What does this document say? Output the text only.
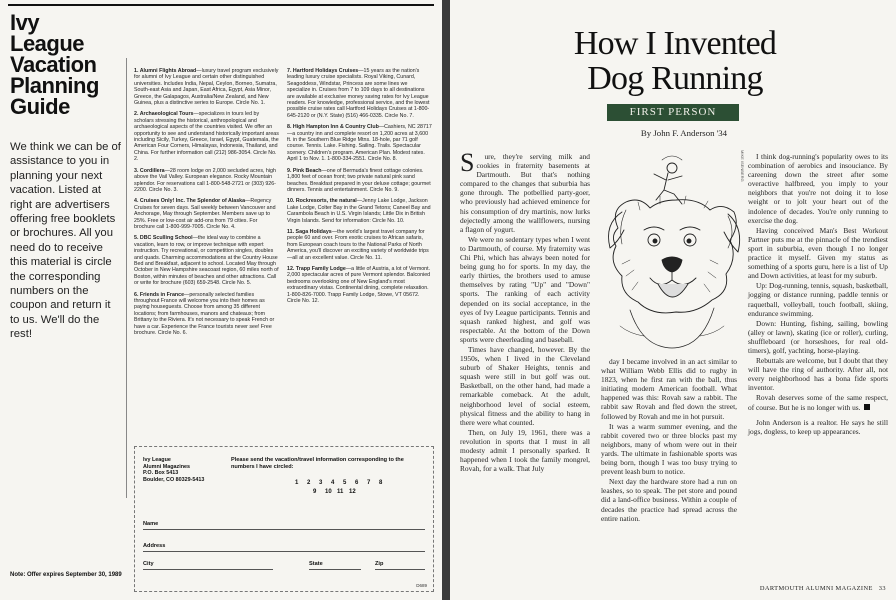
Ivy
League
Vacation
Planning
Guide
We think we can be of assistance to you in planning your next vacation. Listed at right are advertisers offering free booklets or brochures. All you need do to receive this material is circle the corresponding numbers on the coupon and return it to us. We'll do the rest!
1. Alumni Flights Abroad—luxury travel program exclusively for alumni of Ivy League and certain other distinguished universities. Includes India, Nepal, Ceylon, Borneo, Sumatra, South-east Asia and Japan, East Africa, Egypt, Asia Minor, Greece, the Galapagos, Australia/New Zealand, and New Guinea, plus a distinctive series to Europe. Circle No. 1.
2. Archaeological Tours—specializes in tours led by scholars stressing the historical, anthropological and archaeological aspects of the countries visited. We offer an opportunity to see and understand historically important areas including Sicily, Turkey, Greece, Israel, Egypt, Guatemala, the American Four Corners, Himalayas, Indonesia, Thailand, and China. For further information call (212) 986-3054. Circle No. 2.
3. Cordillera—28 room lodge on 2,000 secluded acres, high above the Vail Valley. European elegance. Rocky Mountain splendor. For reservations call 1-800-548-2721 or (303) 926-2200. Circle No. 3.
4. Cruises Only! Inc. The Splendor of Alaska—Regency Cruises for seven days. Sail weekly between Vancouver and Anchorage, May through September. Members save up to 25%. Free or low-cost air add-ons from 79 cities. For brochure call 1-800-999-7005. Circle No. 4.
5. DBC Sculling School—the ideal way to combine a vacation, learn to row, or improve technique with expert instruction. Try recreational, or competition singles, doubles and quads. Charming accommodations at the Country House Bed and Breakfast, adjacent to school. Located May through October in New Hampshire seacoast region, 60 miles north of Boston, within minutes of beaches and other attractions. Call or write for brochure (603) 659-2548. Circle No. 5.
6. Friends in France—personally selected families throughout France will welcome you into their homes as paying houseguests. Choose from among 35 different locations; from farmhouses, manors and chateaux; from Brittany to the Riviera. It's not necessary to speak French or have a car. Experience the France tourists never see! Free brochure. Circle No. 6.
7. Hartford Holidays Cruises—15 years as the nation's leading luxury cruise specialists. Royal Viking, Cunard, Seagoddess, Windstar, Princess are some lines we specialize in. Cruises from 7 to 109 days to all destinations are available at exclusive money saving rates for Ivy League readers. For knowledge, professional service, and the lowest possible cruise rates call Hartford Holidays Cruises at 1-800-645-2120 or (N.Y. State) (516) 466-0335. Circle No. 7.
8. High Hampton Inn & Country Club—Cashiers, NC 28717—a country inn and complete resort on 1,200 acres at 3,600 ft. in the Southern Blue Ridge Mtns. 18-hole, par 71 golf course. Tennis. Lake. Fishing. Sailing. Trails. Spectacular scenery. Children's program. American Plan. Modest rates. April 1 to Nov. 1. 1-800-334-2551. Circle No. 8.
9. Pink Beach—one of Bermuda's finest cottage colonies. 1,800 feet of ocean front; two private natural pink sand beaches. Breakfast prepared in your deluxe cottage; gourmet dinners. Tennis and entertainment. Circle No. 9.
10. Rockresorts, the natural—Jenny Lake Lodge, Jackson Lake Lodge, Colter Bay in the Grand Tetons; Caneel Bay and Carambola Beach in U.S. Virgin Islands; Little Dix in British Virgin Islands. Send for information: Circle No. 10.
11. Saga Holidays—the world's largest travel company for people 60 and over. From exotic cruises to African safaris, from European coach tours to the National Parks of North America, you'll discover an exciting variety of worldwide trips—all at an excellent value. Circle No. 11.
12. Trapp Family Lodge—a little of Austria, a lot of Vermont. 2,000 spectacular acres of pure Vermont splendor. Balconied bedrooms overlooking one of New England's most extraordinary vistas. Continental dining, complete relaxation. 1-800-826-7000. Trapp Family Lodge, Stowe, VT 05672. Circle No. 12.
Ivy League
Alumni Magazines
P.O. Box 5413
Boulder, CO 80329-5413
Please send the vacation/travel information corresponding to the numbers I have circled:
1 2 3 4 5 6 7 8
9 10 11 12
Name
Address
City	State	Zip
D689
Note: Offer expires September 30, 1989
How I Invented
Dog Running
FIRST PERSON
By John F. Anderson '34

S ure, they're serving milk and cookies in fraternity basements at Dartmouth. But that's nothing compared to the changes that suburbia has gone through. The potbellied party-goer, who previously had achieved eminence for his consumption of dry martinis, now lurks dejectedly among the wallflowers, nursing a flagon of yogurt.

We were no sedentary types when I went to Dartmouth, of course. My fraternity was Chi Phi, which has always been noted for being gung ho for sports. In my day, the early thirties, the brothers used to amuse themselves by rating "Up" and "Down" sports. The ranking of each activity depended on its social acceptance, in the eyes of Ivy League participants. Tennis and squash ranked highest, and golf was respectable. At the bottom of the Down sports were cheerleading and baseball.

Times have changed, however. By the 1950s, when I lived in the Cleveland suburb of Shaker Heights, tennis and squash were still in but golf was out. Basketball, on the other hand, had made a remarkable comeback. At the adult, neighborhood level of social esteem, physical fitness and the ability to hang in there were what counted.

Then, on July 19, 1961, there was a revolution in sports that I must in all modesty admit I personally sparked. It happened when I took the family mongrel, Rovah, for a walk. That July

MIKE ISENBERG

day I became involved in an act similar to what William Webb Ellis did to rugby in 1823, when he first ran with the ball, thus initiating modern American football. What happened was this: Rovah saw a rabbit. The rabbit saw Rovah and fled down the street, followed by Rovah and me in hot pursuit.

It was a warm summer evening, and the rabbit covered two or three blocks past my neighbors, many of whom were out in their yards. The ultimate in fashionable sports was being born, though I was too busy trying to prevent leash burn to notice.

Next day the hardware store had a run on leashes, so to speak. The pet store and pound did a land-office business. Within a couple of decades the practice had spread across the entire nation.

I think dog-running's popularity owes to its combination of aerobics and insouciance. By careening down the street after some overactive halfbreed, you imply to your neighbors that you're not doing it to lose weight or to jolt your heart out of the indolence of decades. You're only running to exercise the dog.

Having conceived Man's Best Workout Partner puts me at the pinnacle of the trendiest sport in suburbia, even though I no longer practice it myself. Given my status as something of a sports guru, here is a list of Up and Down activities, at least for my suburb.

Up: Dog-running, tennis, squash, basketball, jogging or distance running, paddle tennis or raquetball, volleyball, touch football, skiing, endurance swimming.

Down: Hunting, fishing, sailing, bowling (alley or lawn), skating (ice or roller), curling, shuffleboard (or horseshoes, for real old-timers), golf, yachting, horse-playing.

Rebuttals are welcome, but I doubt that they will have the ring of authority. After all, not every neighborhood has a bona fide sports inventor.

Rovah deserves some of the same respect, of course. But he is no longer with us.

John Anderson is a realtor. He says he still jogs, dogless, to keep up appearances.

DARTMOUTH ALUMNI MAGAZINE 33
